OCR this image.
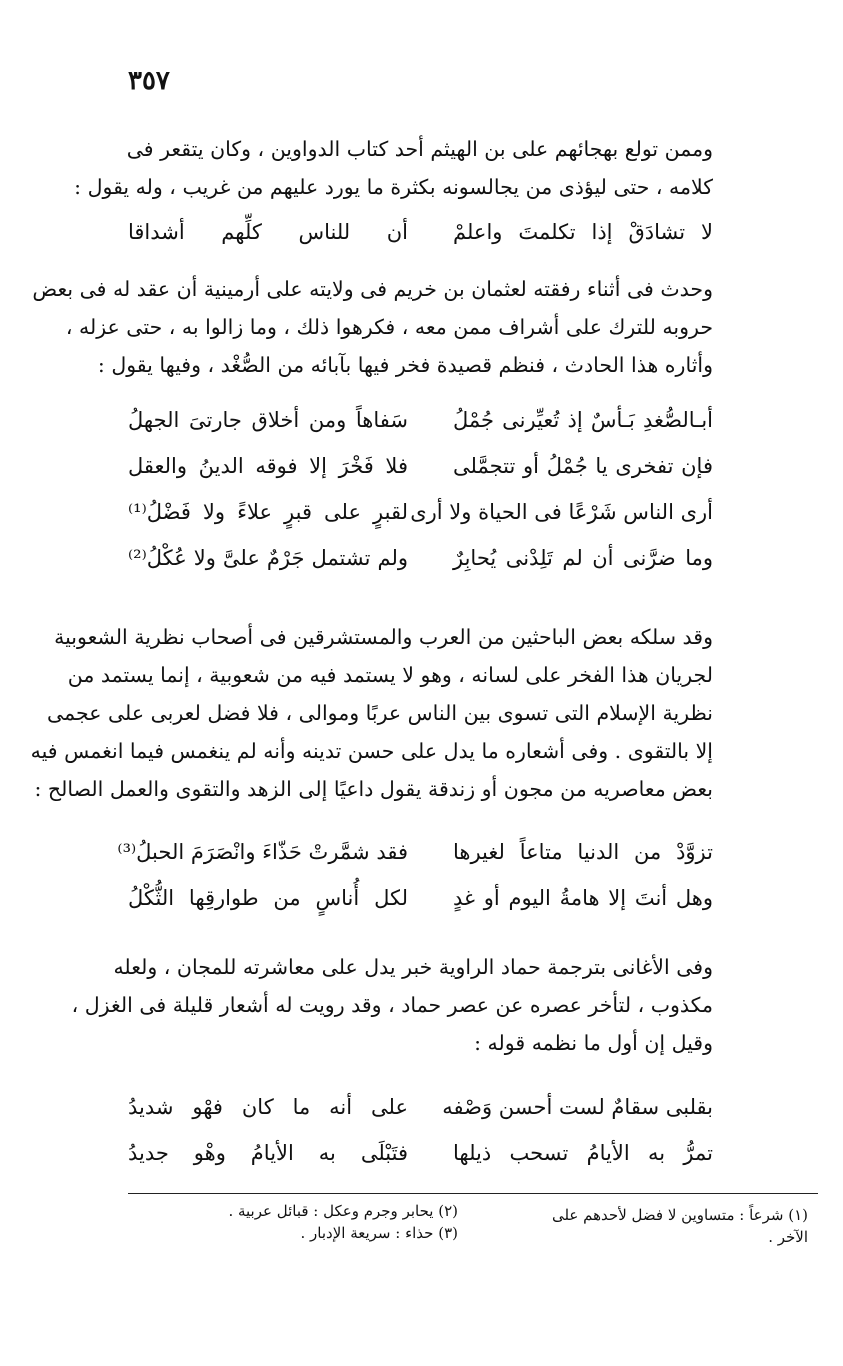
٣٥٧
وممن تولع بهجائهم على بن الهيثم أحد كتاب الدواوين ، وكان يتقعر فى
كلامه ، حتى ليؤذى من يجالسونه بكثرة ما يورد عليهم من غريب ، وله يقول :
لا تشادَقْ إذا تكلمتَ واعلمْ
أن للناس كلِّهم أشداقا
وحدث فى أثناء رفقته لعثمان بن خريم فى ولايته على أرمينية أن عقد له فى بعض
حروبه للترك على أشراف ممن معه ، فكرهوا ذلك ، وما زالوا به ، حتى عزله ،
وأثاره هذا الحادث ، فنظم قصيدة فخر فيها بآبائه من الصُّغْد ، وفيها يقول :
أبـالصُّغدِ بَـأسٌ إذ تُعيِّرنى جُمْلُ
سَفاهاً ومن أخلاق جارتىَ الجهلُ
فإن تفخرى يا جُمْلُ أو تتجمَّلى
فلا فَخْرَ إلا فوقه الدينُ والعقل
أرى الناس شَرْعًا فى الحياة ولا أرى
لقبرٍ على قبرٍ علاءً ولا فَضْلُ⁽¹⁾
وما ضرَّنى أن لم تَلِدْنى يُحابِرٌ
ولم تشتمل جَرْمٌ علىَّ ولا عُكْلُ⁽²⁾
وقد سلكه بعض الباحثين من العرب والمستشرقين فى أصحاب نظرية الشعوبية
لجريان هذا الفخر على لسانه ، وهو لا يستمد فيه من شعوبية ، إنما يستمد من
نظرية الإسلام التى تسوى بين الناس عربًا وموالى ، فلا فضل لعربى على عجمى
إلا بالتقوى . وفى أشعاره ما يدل على حسن تدينه وأنه لم ينغمس فيما انغمس فيه
بعض معاصريه من مجون أو زندقة يقول داعيًا إلى الزهد والتقوى والعمل الصالح :
تزوَّدْ من الدنيا متاعاً لغيرها
فقد شمَّرتْ حَذّاءَ وانْصَرَمَ الحبلُ⁽³⁾
وهل أنتَ إلا هامةُ اليوم أو غدٍ
لكل أُناسٍ من طوارقِها الثُّكْلُ
وفى الأغانى بترجمة حماد الراوية خبر يدل على معاشرته للمجان ، ولعله
مكذوب ، لتأخر عصره عن عصر حماد ، وقد رويت له أشعار قليلة فى الغزل ،
وقيل إن أول ما نظمه قوله :
بقلبى سقامٌ لست أحسن وَصْفه
على أنه ما كان فهْو شديدُ
تمرُّ به الأيامُ تسحب ذيلها
فتَبْلَى به الأيامُ وهْو جديدُ
(١) شرعاً : متساوين لا فضل لأحدهم على
الآخر .
(٢) يحابر وجرم وعكل : قبائل عربية .
(٣) حذاء : سريعة الإدبار .
